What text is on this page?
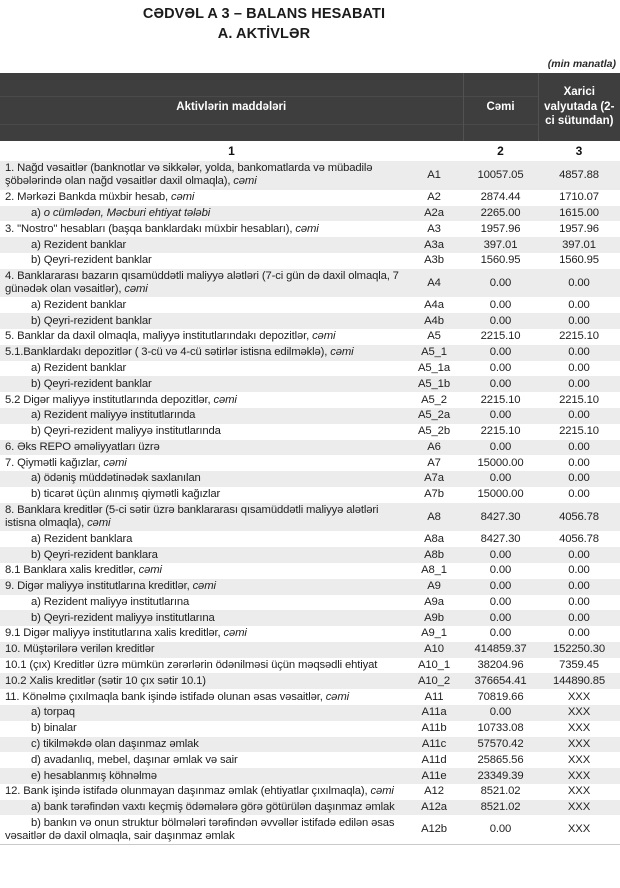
CƏDVƏL A 3 – BALANS HESABATI
A. AKTİVLƏR
(min manatla)
Aktivlərin maddələri		Cəmi	Xarici valyutada (2-ci sütundan)
1		2	3
1. Nağd vəsaitlər (banknotlar və sikkələr, yolda, bankomatlarda və mübadilə şöbələrində olan nağd vəsaitlər daxil olmaqla), cəmi	A1	10057.05	4857.88
2. Mərkəzi Bankda müxbir hesab, cəmi	A2	2874.44	1710.07
a) o cümlədən, Məcburi ehtiyat tələbi	A2a	2265.00	1615.00
3. "Nostro" hesabları (başqa banklardakı müxbir hesabları), cəmi	A3	1957.96	1957.96
a) Rezident banklar	A3a	397.01	397.01
b) Qeyri-rezident banklar	A3b	1560.95	1560.95
4. Banklararası bazarın qısamüddətli maliyyə alətləri (7-ci gün də daxil olmaqla, 7 günədək olan vəsaitlər), cəmi	A4	0.00	0.00
a) Rezident banklar	A4a	0.00	0.00
b) Qeyri-rezident banklar	A4b	0.00	0.00
5. Banklar da daxil olmaqla, maliyyə institutlarındakı depozitlər, cəmi	A5	2215.10	2215.10
5.1.Banklardakı depozitlər ( 3-cü və 4-cü sətirlər istisna edilməklə), cəmi	A5_1	0.00	0.00
a) Rezident banklar	A5_1a	0.00	0.00
b) Qeyri-rezident banklar	A5_1b	0.00	0.00
5.2 Digər maliyyə institutlarında depozitlər, cəmi	A5_2	2215.10	2215.10
a) Rezident maliyyə institutlarında	A5_2a	0.00	0.00
b) Qeyri-rezident maliyyə institutlarında	A5_2b	2215.10	2215.10
6. Əks REPO əməliyyatları üzrə	A6	0.00	0.00
7. Qiymətli kağızlar, cəmi	A7	15000.00	0.00
a) ödəniş müddətinədək saxlanılan	A7a	0.00	0.00
b) ticarət üçün alınmış qiymətli kağızlar	A7b	15000.00	0.00
8. Banklara kreditlər (5-ci sətir üzrə banklararası qısamüddətli maliyyə alətləri istisna olmaqla), cəmi	A8	8427.30	4056.78
a) Rezident banklara	A8a	8427.30	4056.78
b) Qeyri-rezident banklara	A8b	0.00	0.00
8.1 Banklara xalis kreditlər, cəmi	A8_1	0.00	0.00
9. Digər maliyyə institutlarına kreditlər, cəmi	A9	0.00	0.00
a) Rezident maliyyə institutlarına	A9a	0.00	0.00
b) Qeyri-rezident maliyyə institutlarına	A9b	0.00	0.00
9.1 Digər maliyyə institutlarına xalis kreditlər, cəmi	A9_1	0.00	0.00
10. Müştərilərə verilən kreditlər	A10	414859.37	152250.30
10.1 (çıx) Kreditlər üzrə mümkün zərərlərin ödənilməsi üçün məqsədli ehtiyat	A10_1	38204.96	7359.45
10.2 Xalis kreditlər (sətir 10 çıx sətir 10.1)	A10_2	376654.41	144890.85
11. Könəlmə çıxılmaqla bank işində istifadə olunan əsas vəsaitlər, cəmi	A11	70819.66	XXX
a) torpaq	A11a	0.00	XXX
b) binalar	A11b	10733.08	XXX
c) tikilməkdə olan daşınmaz əmlak	A11c	57570.42	XXX
d) avadanlıq, mebel, daşınar əmlak və sair	A11d	25865.56	XXX
e) hesablanmış köhnəlmə	A11e	23349.39	XXX
12. Bank işində istifadə olunmayan daşınmaz əmlak (ehtiyatlar çıxılmaqla), cəmi	A12	8521.02	XXX
a) bank tərəfindən vaxtı keçmiş ödəmələrə görə götürülən daşınmaz əmlak	A12a	8521.02	XXX
b) bankın və onun struktur bölmələri tərəfindən əvvəllər istifadə edilən əsas vəsaitlər də daxil olmaqla, sair daşınmaz əmlak	A12b	0.00	XXX
